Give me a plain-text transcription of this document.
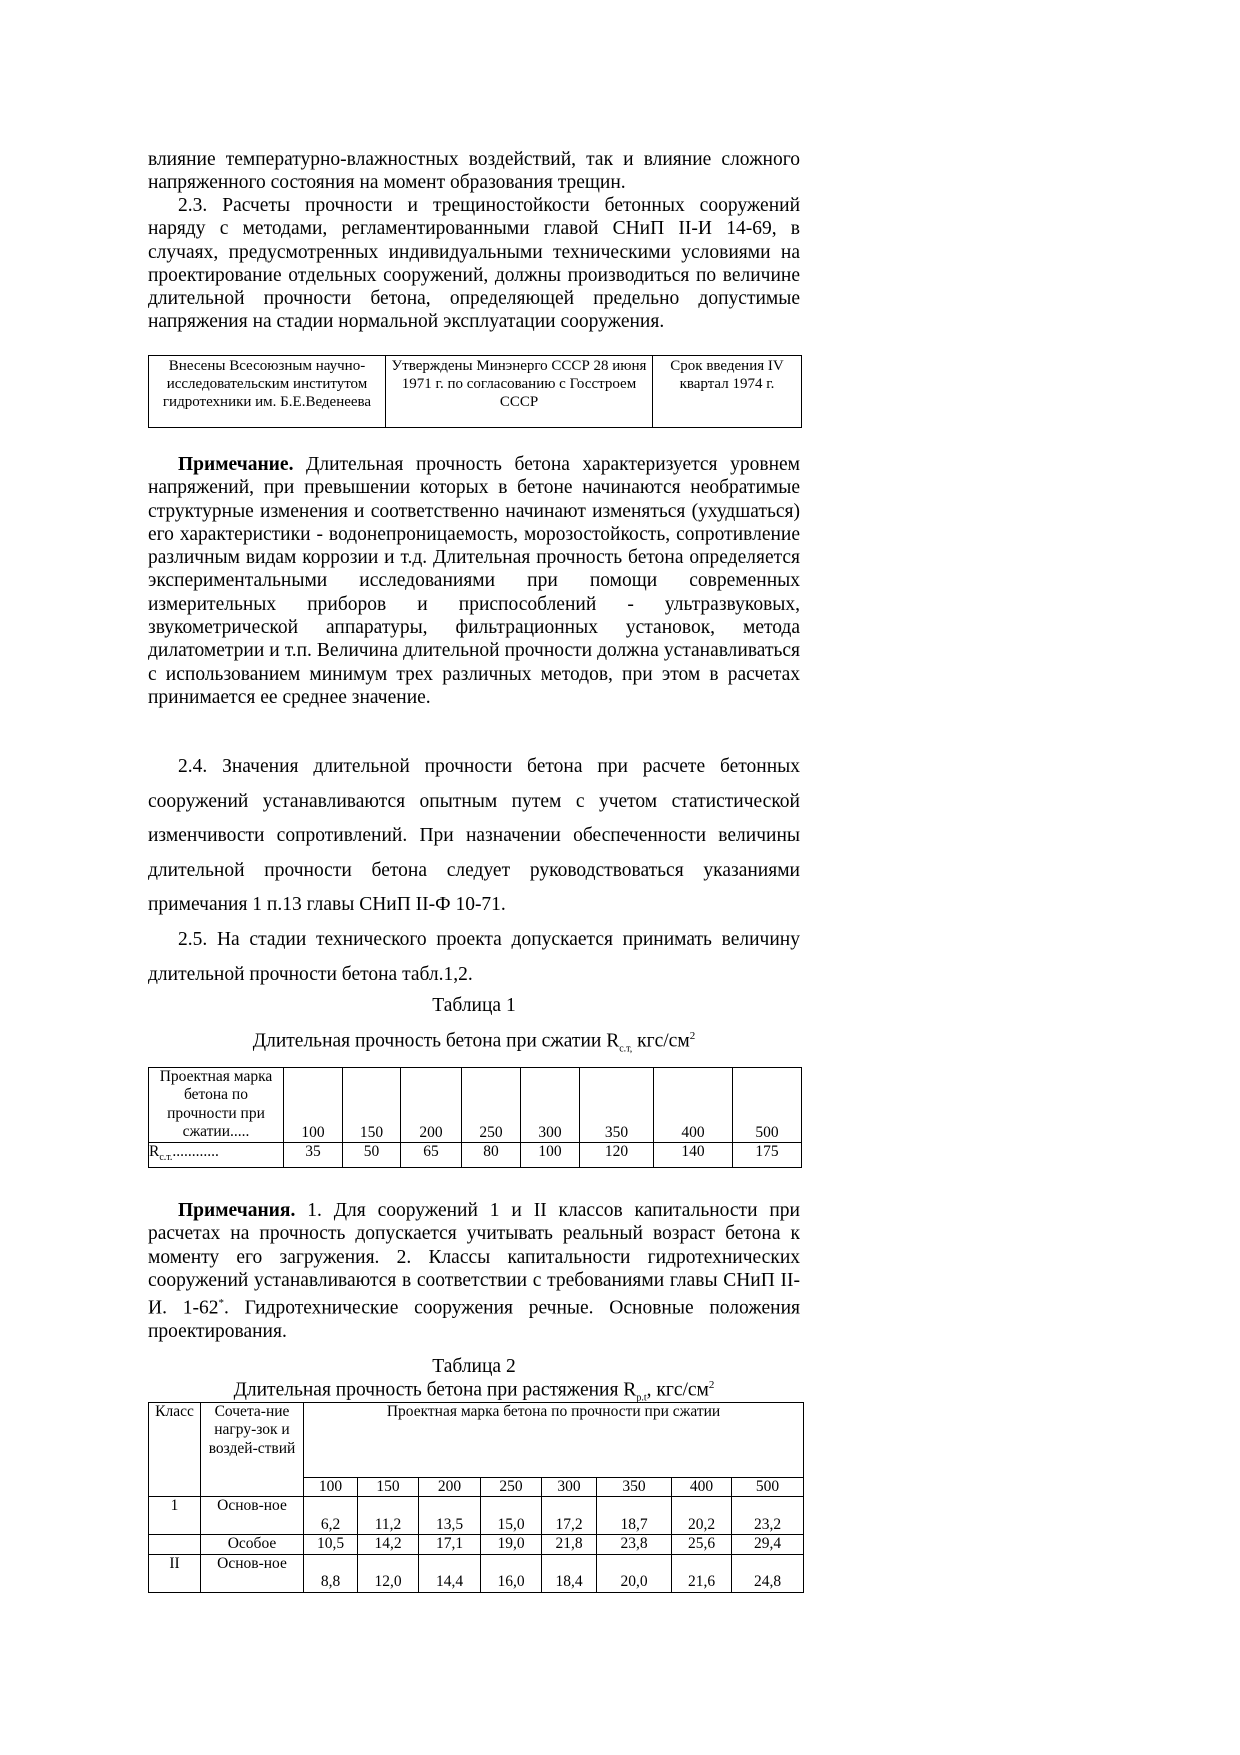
влияние температурно-влажностных воздействий, так и влияние сложного напряженного состояния на момент образования трещин.

2.3. Расчеты прочности и трещиностойкости бетонных сооружений наряду с методами, регламентированными главой СНиП II-И 14-69, в случаях, предусмотренных индивидуальными техническими условиями на проектирование отдельных сооружений, должны производиться по величине длительной прочности бетона, определяющей предельно допустимые напряжения на стадии нормальной эксплуатации сооружения.

Внесены Всесоюзным научно-исследовательским институтом гидротехники им. Б.Е.Веденеева	Утверждены Минэнерго СССР 28 июня 1971 г. по согласованию с Госстроем СССР	Срок введения IV квартал 1974 г.

Примечание. Длительная прочность бетона характеризуется уровнем напряжений, при превышении которых в бетоне начинаются необратимые структурные изменения и соответственно начинают изменяться (ухудшаться) его характеристики - водонепроницаемость, морозостойкость, сопротивление различным видам коррозии и т.д. Длительная прочность бетона определяется экспериментальными исследованиями при помощи современных измерительных приборов и приспособлений - ультразвуковых, звукометрической аппаратуры, фильтрационных установок, метода дилатометрии и т.п. Величина длительной прочности должна устанавливаться с использованием минимум трех различных методов, при этом в расчетах принимается ее среднее значение.

2.4. Значения длительной прочности бетона при расчете бетонных сооружений устанавливаются опытным путем с учетом статистической изменчивости сопротивлений. При назначении обеспеченности величины длительной прочности бетона следует руководствоваться указаниями примечания 1 п.13 главы СНиП II-Ф 10-71.

2.5. На стадии технического проекта допускается принимать величину длительной прочности бетона табл.1,2.

Таблица 1

Длительная прочность бетона при сжатии $R_{с.т,}$ кгс/$см^2$

Проектная марка бетона по прочности при сжатии.....	100	150	200	250	300	350	400	500
$R_{с.т.}$............	35	50	65	80	100	120	140	175

Примечания. 1. Для сооружений 1 и II классов капитальности при расчетах на прочность допускается учитывать реальный возраст бетона к моменту его загружения. 2. Классы капитальности гидротехнических сооружений устанавливаются в соответствии с требованиями главы СНиП II-И. 1-62*. Гидротехнические сооружения речные. Основные положения проектирования.

Таблица 2

Длительная прочность бетона при растяжения $R_{p.t}$, кгс/$см^2$

Класс	Сочета-ние нагру-зок и воздей-ствий	Проектная марка бетона по прочности при сжатии							
		100	150	200	250	300	350	400	500
1	Основ-ное	6,2	11,2	13,5	15,0	17,2	18,7	20,2	23,2
	Особое	10,5	14,2	17,1	19,0	21,8	23,8	25,6	29,4
II	Основ-ное	8,8	12,0	14,4	16,0	18,4	20,0	21,6	24,8
